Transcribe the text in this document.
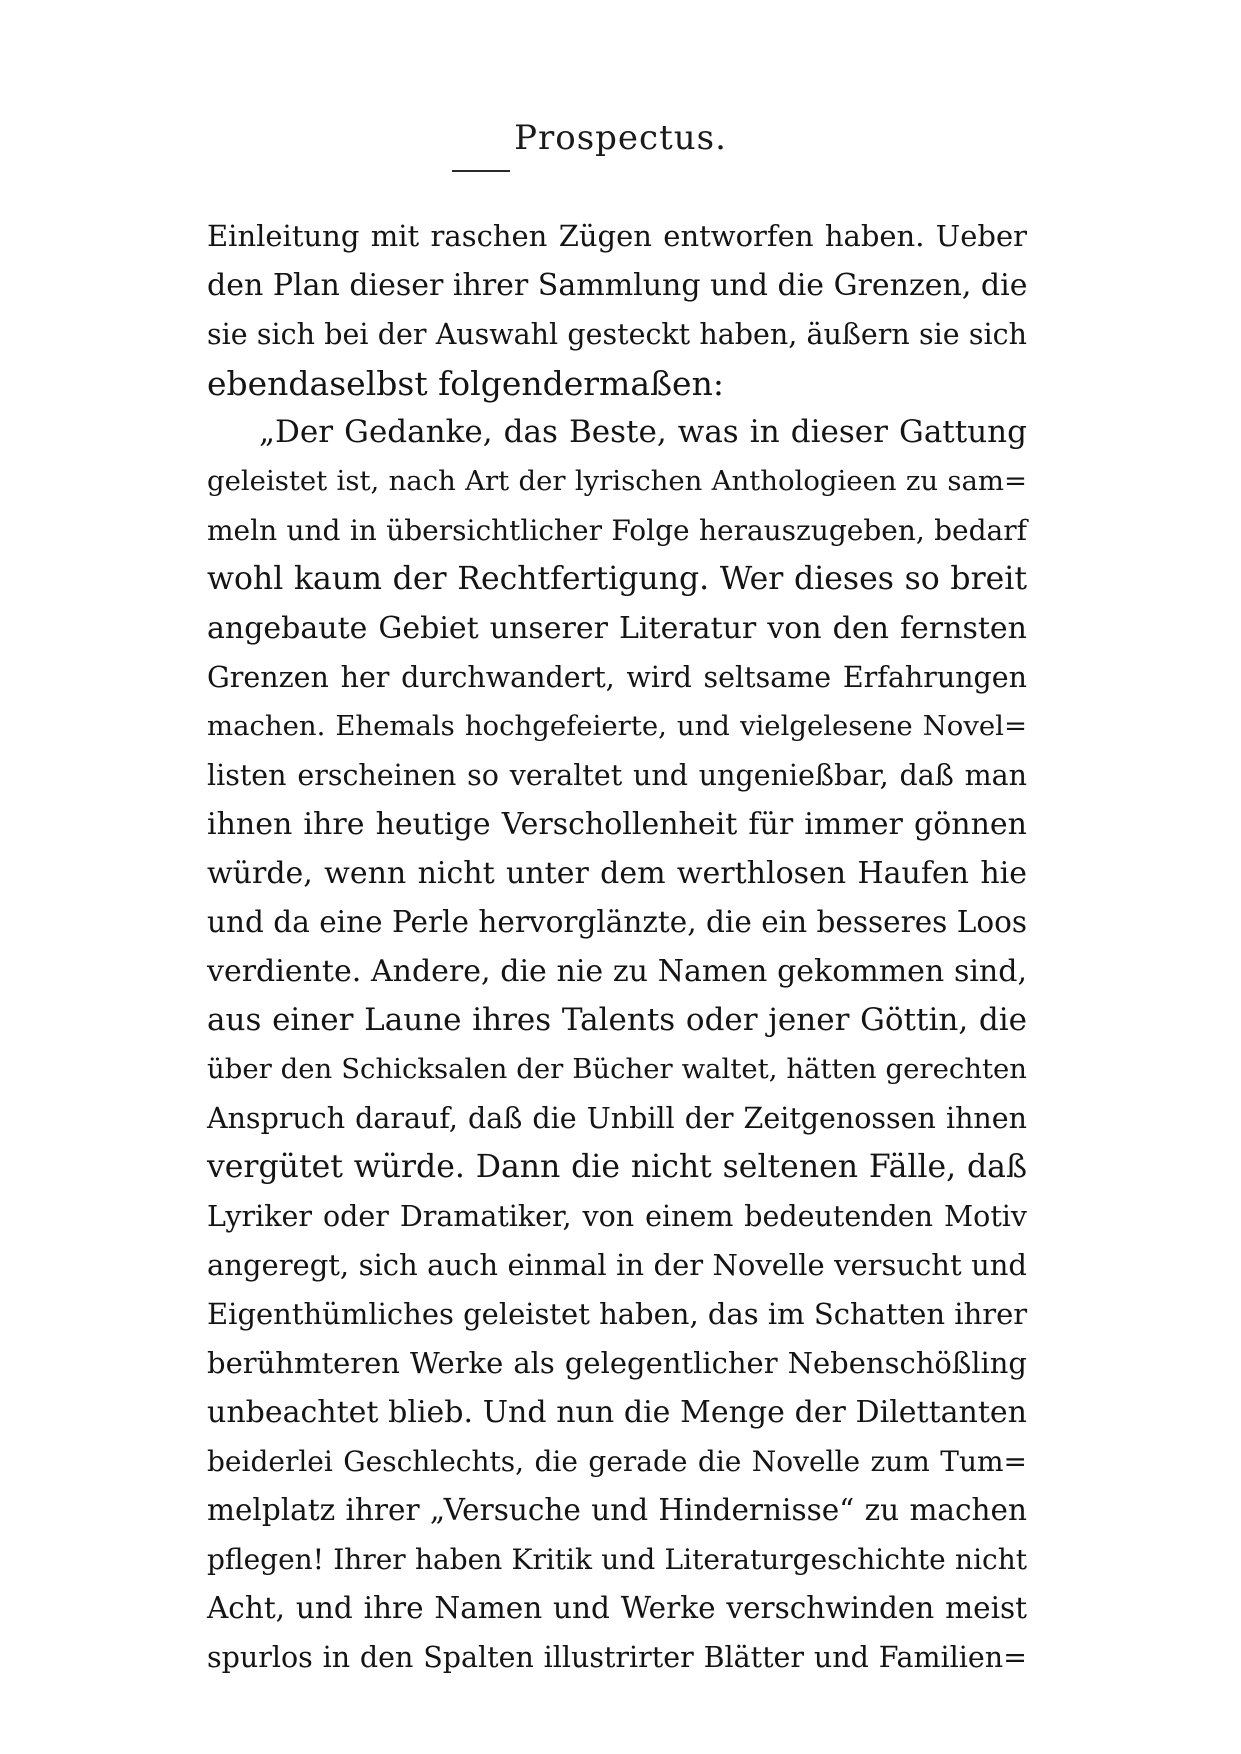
Prospectus.
Einleitung mit raschen Zügen entworfen haben. Ueber
den Plan dieser ihrer Sammlung und die Grenzen, die
sie sich bei der Auswahl gesteckt haben, äußern sie sich
ebendaselbst folgendermaßen:
„Der Gedanke, das Beste, was in dieser Gattung
geleistet ist, nach Art der lyrischen Anthologieen zu sam=
meln und in übersichtlicher Folge herauszugeben, bedarf
wohl kaum der Rechtfertigung. Wer dieses so breit
angebaute Gebiet unserer Literatur von den fernsten
Grenzen her durchwandert, wird seltsame Erfahrungen
machen. Ehemals hochgefeierte, und vielgelesene Novel=
listen erscheinen so veraltet und ungenießbar, daß man
ihnen ihre heutige Verschollenheit für immer gönnen
würde, wenn nicht unter dem werthlosen Haufen hie
und da eine Perle hervorglänzte, die ein besseres Loos
verdiente. Andere, die nie zu Namen gekommen sind,
aus einer Laune ihres Talents oder jener Göttin, die
über den Schicksalen der Bücher waltet, hätten gerechten
Anspruch darauf, daß die Unbill der Zeitgenossen ihnen
vergütet würde. Dann die nicht seltenen Fälle, daß
Lyriker oder Dramatiker, von einem bedeutenden Motiv
angeregt, sich auch einmal in der Novelle versucht und
Eigenthümliches geleistet haben, das im Schatten ihrer
berühmteren Werke als gelegentlicher Nebenschößling
unbeachtet blieb. Und nun die Menge der Dilettanten
beiderlei Geschlechts, die gerade die Novelle zum Tum=
melplatz ihrer „Versuche und Hindernisse“ zu machen
pflegen! Ihrer haben Kritik und Literaturgeschichte nicht
Acht, und ihre Namen und Werke verschwinden meist
spurlos in den Spalten illustrirter Blätter und Familien=
